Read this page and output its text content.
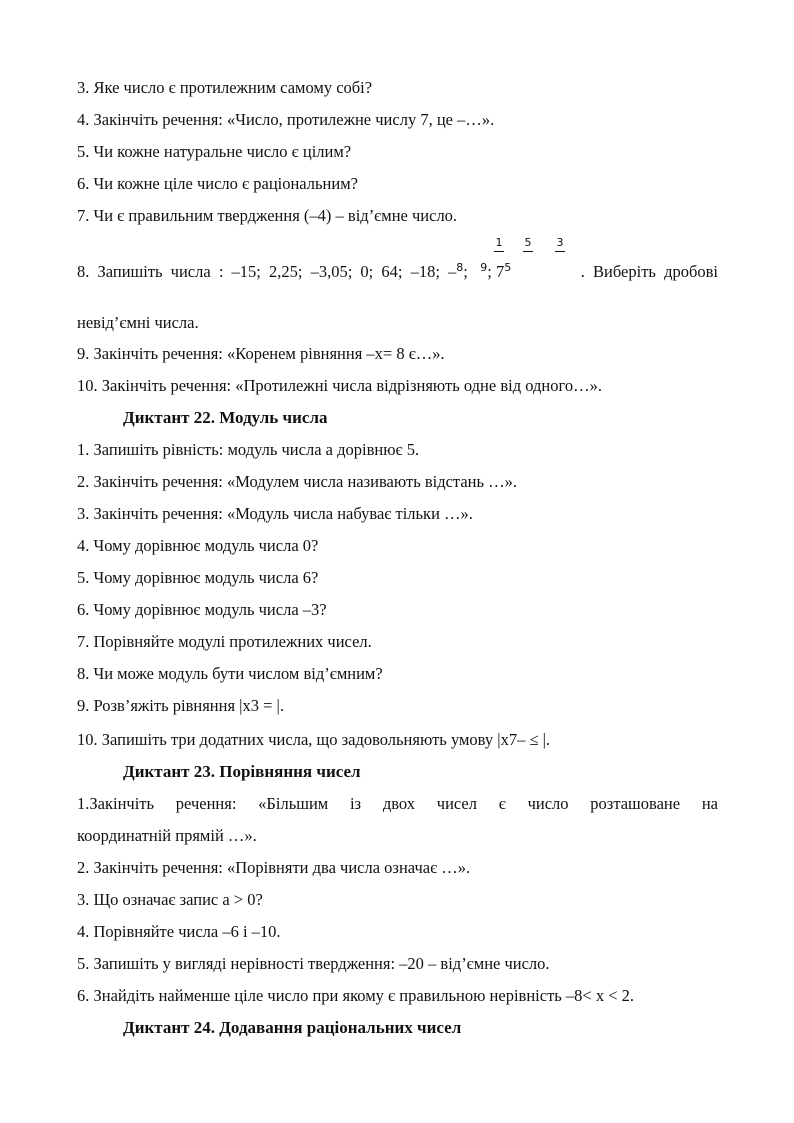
3. Яке число є протилежним самому собі?
4. Закінчіть речення: «Число, протилежне числу 7, це –…».
5. Чи кожне натуральне число є цілим?
6. Чи кожне ціле число є раціональним?
7. Чи є правильним твердження (–4) – від’ємне число.
8. Запишіть числа : –15; 2,25; –3,05; 0; 64; –18; –$^8$;   $^9$; $7^5$	. Виберіть дробові
1 5 3
невід’ємні числа.
9. Закінчіть речення: «Коренем рівняння –x= 8 є…».
10. Закінчіть речення: «Протилежні числа відрізняють одне від одного…».
Диктант 22. Модуль числа
1. Запишіть рівність: модуль числа а дорівнює 5.
2. Закінчіть речення: «Модулем числа називають відстань …».
3. Закінчіть речення: «Модуль числа набуває тільки …».
4. Чому дорівнює модуль числа 0?
5. Чому дорівнює модуль числа 6?
6. Чому дорівнює модуль числа –3?
7. Порівняйте модулі протилежних чисел.
8. Чи може модуль бути числом від’ємним?
9. Розв’яжіть рівняння |x3 = |.
10. Запишіть три додатних числа, що задовольняють умову |x7– ≤ |.
Диктант 23. Порівняння чисел
1.Закінчіть речення: «Більшим із двох чисел є число розташоване на
координатній прямій …».
2. Закінчіть речення: «Порівняти два числа означає …».
3. Що означає запис a > 0?
4. Порівняйте числа –6 і –10.
5. Запишіть у вигляді нерівності твердження: –20 – від’ємне число.
6. Знайдіть найменше ціле число при якому є правильною нерівність –8< x < 2.
Диктант 24. Додавання раціональних чисел
